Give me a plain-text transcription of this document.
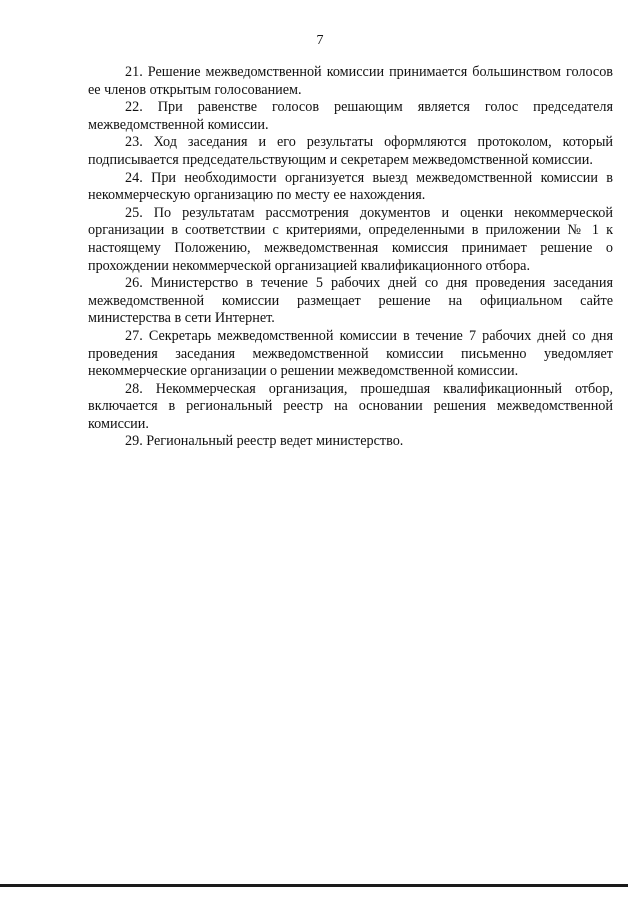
7

21. Решение межведомственной комиссии принимается большинством голосов ее членов открытым голосованием.

22. При равенстве голосов решающим является голос председателя межведомственной комиссии.

23. Ход заседания и его результаты оформляются протоколом, который подписывается председательствующим и секретарем межведомственной комиссии.

24. При необходимости организуется выезд межведомственной комиссии в некоммерческую организацию по месту ее нахождения.

25. По результатам рассмотрения документов и оценки некоммерческой организации в соответствии с критериями, определенными в приложении № 1 к настоящему Положению, межведомственная комиссия принимает решение о прохождении некоммерческой организацией квалификационного отбора.

26. Министерство в течение 5 рабочих дней со дня проведения заседания межведомственной комиссии размещает решение на официальном сайте министерства в сети Интернет.

27. Секретарь межведомственной комиссии в течение 7 рабочих дней со дня проведения заседания межведомственной комиссии письменно уведомляет некоммерческие организации о решении межведомственной комиссии.

28. Некоммерческая организация, прошедшая квалификационный отбор, включается в региональный реестр на основании решения межведомственной комиссии.

29. Региональный реестр ведет министерство.
